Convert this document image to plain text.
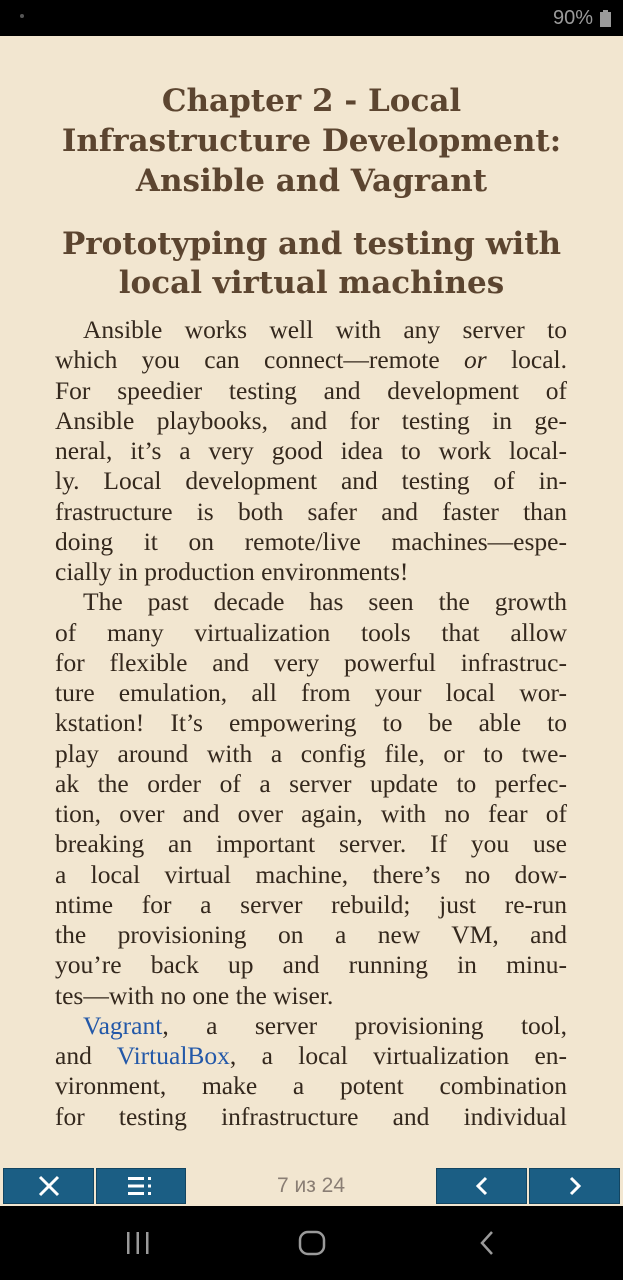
90%
Chapter 2 - Local
Infrastructure Development:
Ansible and Vagrant
Prototyping and testing with
local virtual machines
Ansible works well with any server to
which you can connect—remote or local.
For speedier testing and development of
Ansible playbooks, and for testing in ge-
neral, it’s a very good idea to work local-
ly. Local development and testing of in-
frastructure is both safer and faster than
doing it on remote/live machines—espe-
cially in production environments!
The past decade has seen the growth
of many virtualization tools that allow
for flexible and very powerful infrastruc-
ture emulation, all from your local wor-
kstation! It’s empowering to be able to
play around with a config file, or to twe-
ak the order of a server update to perfec-
tion, over and over again, with no fear of
breaking an important server. If you use
a local virtual machine, there’s no dow-
ntime for a server rebuild; just re-run
the provisioning on a new VM, and
you’re back up and running in minu-
tes—with no one the wiser.
Vagrant, a server provisioning tool,
and VirtualBox, a local virtualization en-
vironment, make a potent combination
for testing infrastructure and individual
7 из 24
